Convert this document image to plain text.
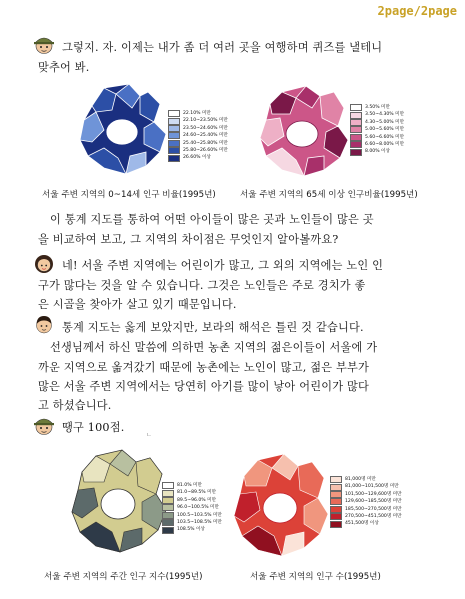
2page/2page
그렇지. 자. 이제는 내가 좀 더 여러 곳을 여행하며 퀴즈를 낼테니
맞추어 봐.
22.10% 미만
22.10~23.50% 미만
23.50~24.60% 미만
24.60~25.40% 미만
25.40~25.80% 미만
25.80~26.60% 미만
26.60% 이상
서울 주변 지역의 0~14세 인구 비율(1995년)
3.50% 미만
3.50~4.30% 미만
4.30~5.00% 미만
5.00~5.60% 미만
5.60~6.60% 미만
6.60~8.00% 미만
8.00% 이상
서울 주변 지역의 65세 이상 인구비율(1995년)
이 통계 지도를 통하여 어떤 아이들이 많은 곳과 노인들이 많은 곳
을 비교하여 보고, 그 지역의 차이점은 무엇인지 알아볼까요?
네! 서울 주변 지역에는 어린이가 많고, 그 외의 지역에는 노인 인
구가 많다는 것을 알 수 있습니다. 그것은 노인들은 주로 경치가 좋
은 시골을 찾아가 살고 있기 때문입니다.
통계 지도는 옳게 보았지만, 보라의 해석은 틀린 것 같습니다.
선생님께서 하신 말씀에 의하면 농촌 지역의 젊은이들이 서울에 가
까운 지역으로 옮겨갔기 때문에 농촌에는 노인이 많고, 젊은 부부가
많은 서울 주변 지역에서는 당연히 아기를 많이 낳아 어린이가 많다
고 하셨습니다.
땡구 100점.
ㄴ
81.0% 미만
81.0~89.5% 미만
89.5~96.0% 미만
96.0~100.5% 미만
100.5~103.5% 미만
103.5~108.5% 미만
108.5% 이상
서울 주변 지역의 주간 인구 지수(1995년)
81,000명 미만
81,000~101,500명 미만
101,500~129,600명 미만
129,600~185,500명 미만
185,500~270,500명 미만
270,500~451,500명 미만
451,500명 이상
서울 주변 지역의 인구 수(1995년)
